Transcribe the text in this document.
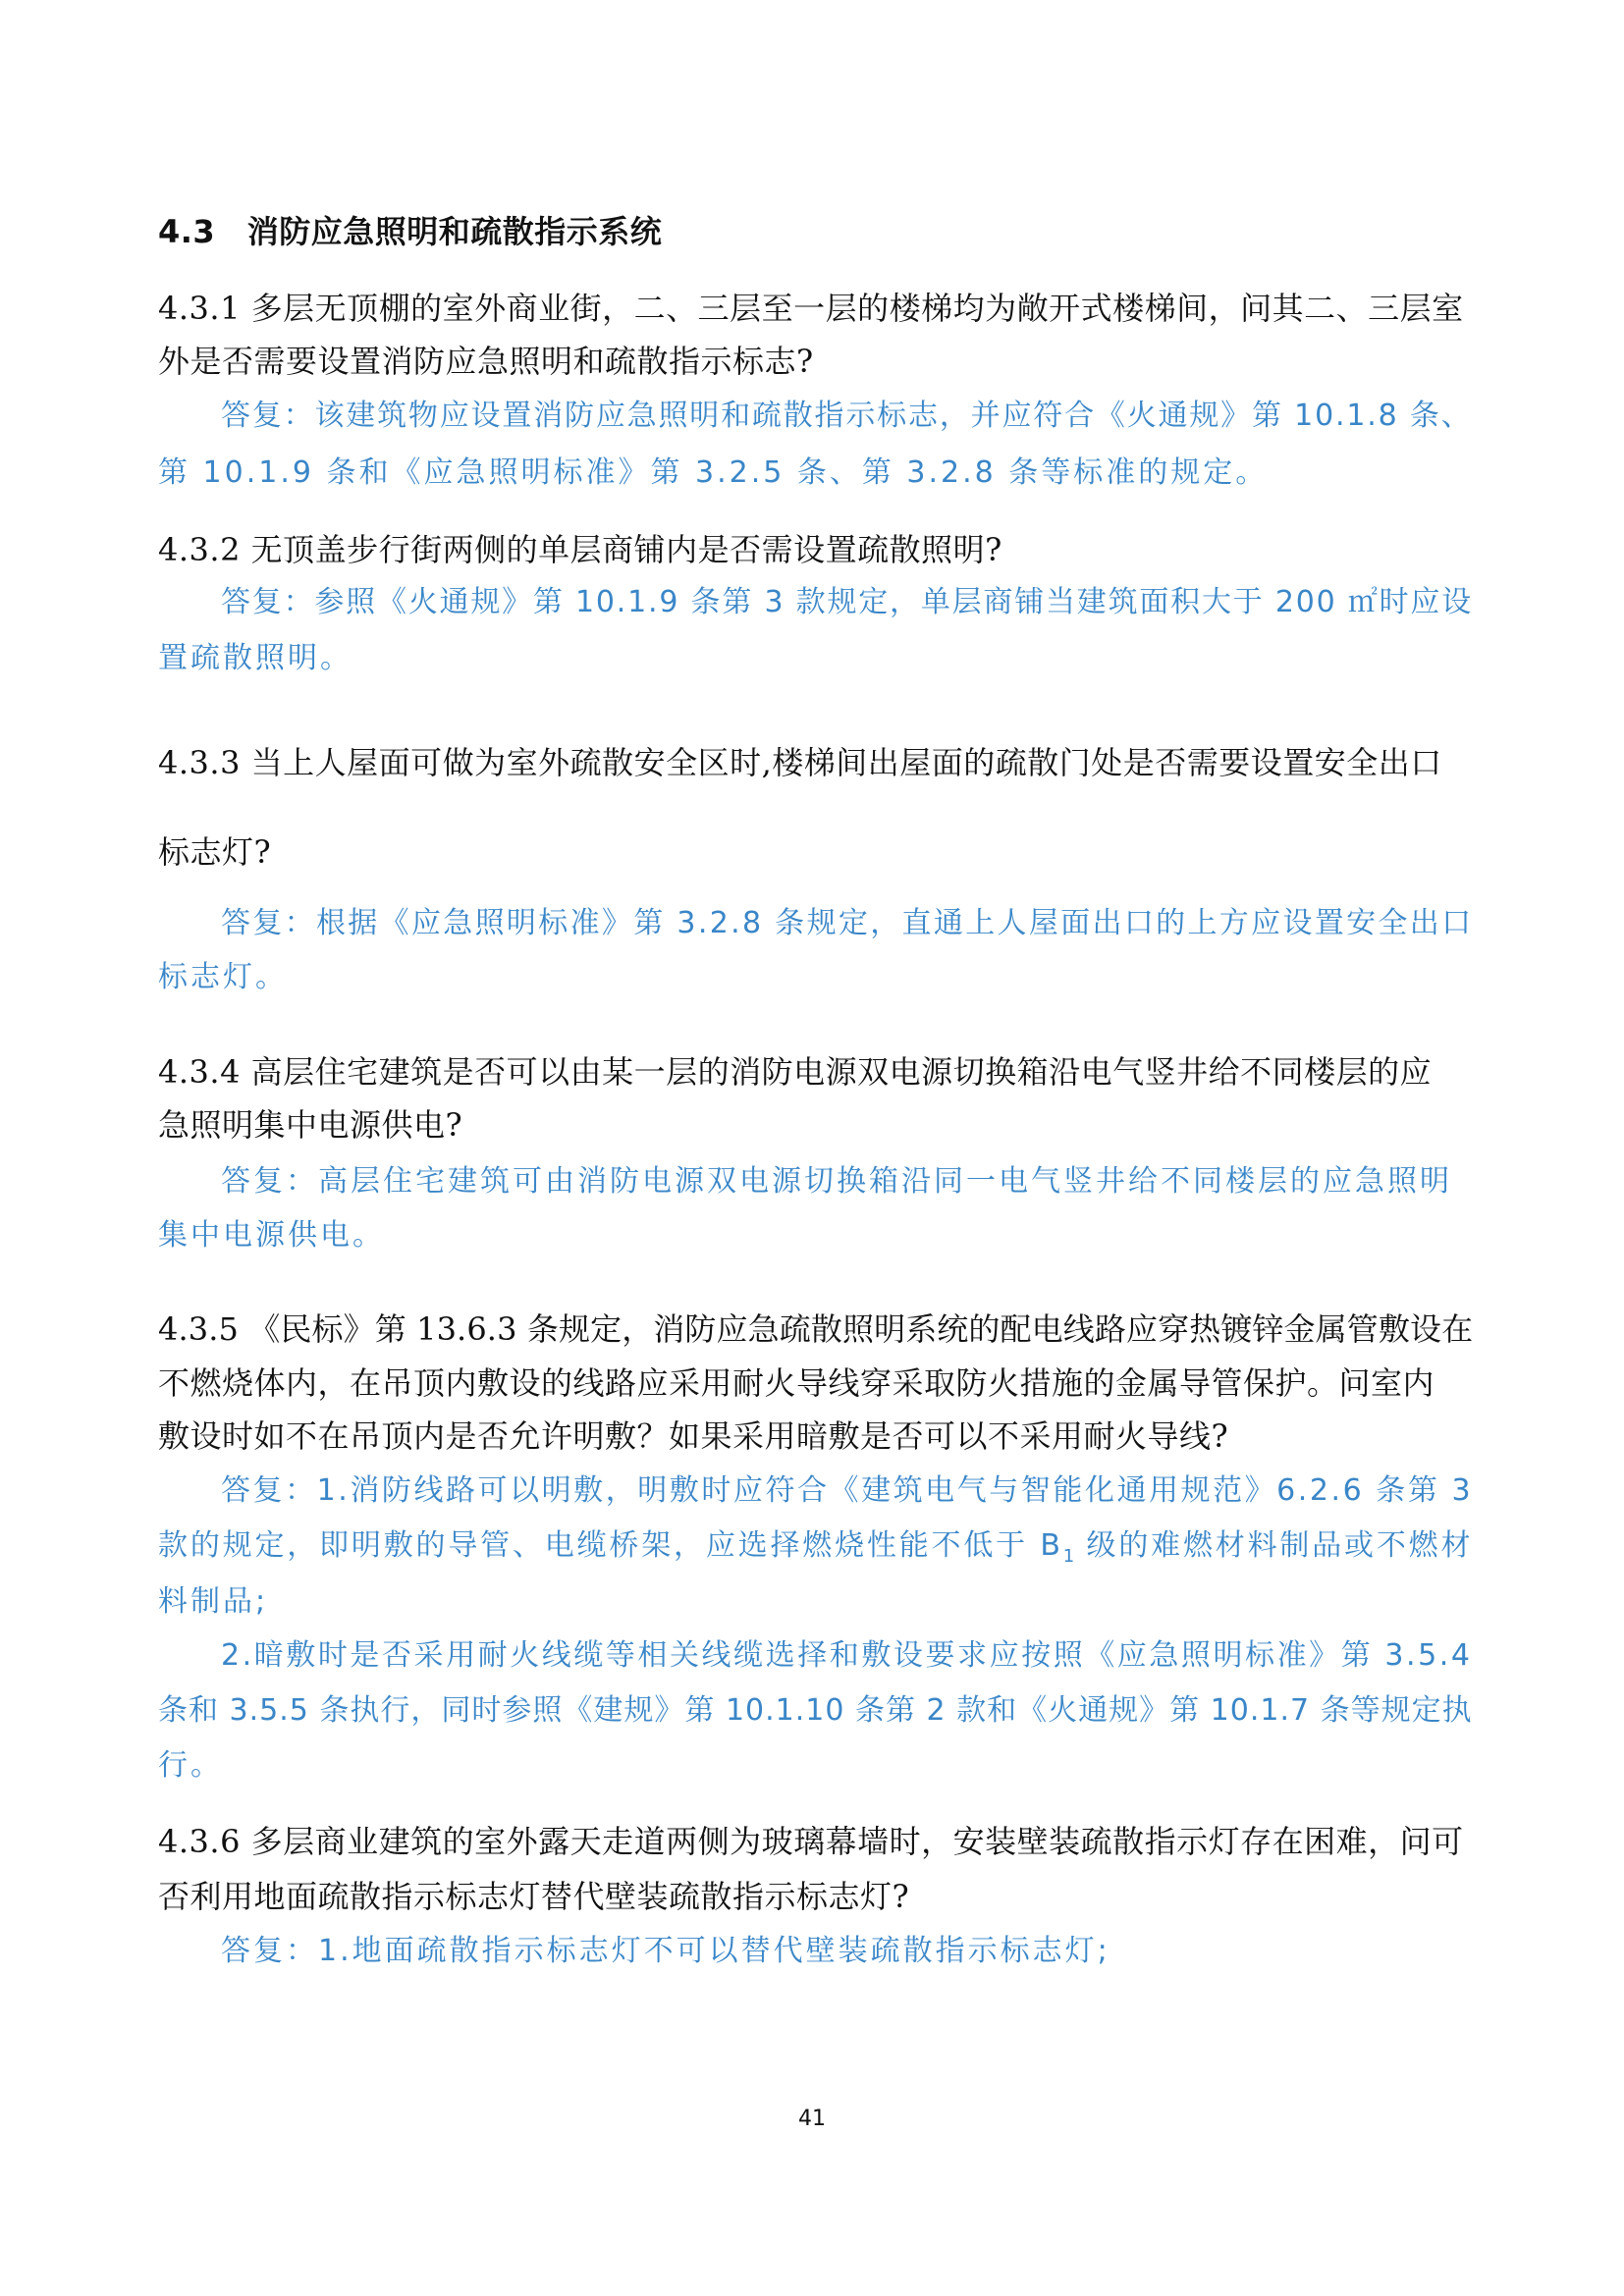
4.3　消防应急照明和疏散指示系统
4.3.1 多层无顶棚的室外商业街，二、三层至一层的楼梯均为敞开式楼梯间，问其二、三层室
外是否需要设置消防应急照明和疏散指示标志?
答复：该建筑物应设置消防应急照明和疏散指示标志，并应符合《火通规》第 10.1.8 条、
第 10.1.9 条和《应急照明标准》第 3.2.5 条、第 3.2.8 条等标准的规定。
4.3.2 无顶盖步行街两侧的单层商铺内是否需设置疏散照明?
答复：参照《火通规》第 10.1.9 条第 3 款规定，单层商铺当建筑面积大于 200 ㎡时应设
置疏散照明。
4.3.3 当上人屋面可做为室外疏散安全区时,楼梯间出屋面的疏散门处是否需要设置安全出口
标志灯?
答复：根据《应急照明标准》第 3.2.8 条规定，直通上人屋面出口的上方应设置安全出口
标志灯。
4.3.4 高层住宅建筑是否可以由某一层的消防电源双电源切换箱沿电气竖井给不同楼层的应
急照明集中电源供电?
答复：高层住宅建筑可由消防电源双电源切换箱沿同一电气竖井给不同楼层的应急照明
集中电源供电。
4.3.5 《民标》第 13.6.3 条规定，消防应急疏散照明系统的配电线路应穿热镀锌金属管敷设在
不燃烧体内，在吊顶内敷设的线路应采用耐火导线穿采取防火措施的金属导管保护。问室内
敷设时如不在吊顶内是否允许明敷？如果采用暗敷是否可以不采用耐火导线?
答复：1.消防线路可以明敷，明敷时应符合《建筑电气与智能化通用规范》6.2.6 条第 3
款的规定，即明敷的导管、电缆桥架，应选择燃烧性能不低于 $B_1$ 级的难燃材料制品或不燃材
料制品;
2.暗敷时是否采用耐火线缆等相关线缆选择和敷设要求应按照《应急照明标准》第 3.5.4
条和 3.5.5 条执行，同时参照《建规》第 10.1.10 条第 2 款和《火通规》第 10.1.7 条等规定执
行。
4.3.6 多层商业建筑的室外露天走道两侧为玻璃幕墙时，安装壁装疏散指示灯存在困难，问可
否利用地面疏散指示标志灯替代壁装疏散指示标志灯?
答复：1.地面疏散指示标志灯不可以替代壁装疏散指示标志灯;
41
